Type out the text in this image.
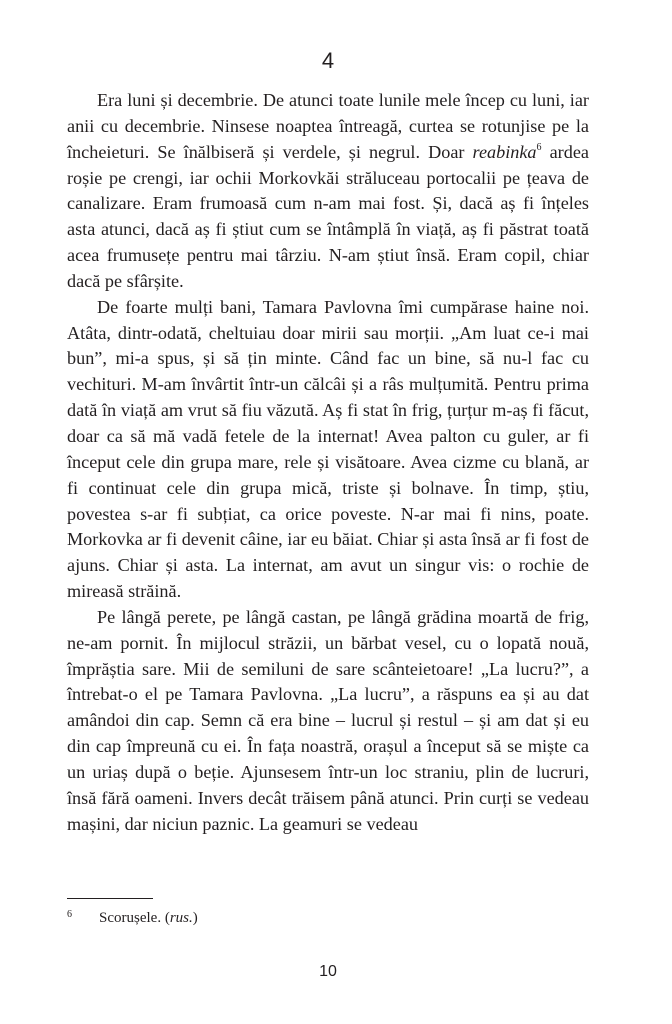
4

Era luni și decembrie. De atunci toate lunile mele încep cu luni, iar anii cu decembrie. Ninsese noaptea întreagă, curtea se rotunjise pe la încheieturi. Se înălbiseră și verdele, și negrul. Doar reabinka$^6$ ardea roșie pe crengi, iar ochii Morkovkăi străluceau portocalii pe țeava de canalizare. Eram frumoasă cum n-am mai fost. Și, dacă aș fi înțeles asta atunci, dacă aș fi știut cum se întâmplă în viață, aș fi păstrat toată acea frumusețe pentru mai târziu. N-am știut însă. Eram copil, chiar dacă pe sfârșite.

De foarte mulți bani, Tamara Pavlovna îmi cumpărase haine noi. Atâta, dintr-odată, cheltuiau doar mirii sau morții. „Am luat ce-i mai bun”, mi-a spus, și să țin minte. Când fac un bine, să nu-l fac cu vechituri. M-am învârtit într-un călcâi și a râs mulțumită. Pentru prima dată în viață am vrut să fiu văzută. Aș fi stat în frig, țurțur m-aș fi făcut, doar ca să mă vadă fetele de la internat! Avea palton cu guler, ar fi început cele din grupa mare, rele și visătoare. Avea cizme cu blană, ar fi continuat cele din grupa mică, triste și bolnave. În timp, știu, povestea s-ar fi subțiat, ca orice poveste. N-ar mai fi nins, poate. Morkovka ar fi devenit câine, iar eu băiat. Chiar și asta însă ar fi fost de ajuns. Chiar și asta. La internat, am avut un singur vis: o rochie de mireasă străină.

Pe lângă perete, pe lângă castan, pe lângă grădina moartă de frig, ne-am pornit. În mijlocul străzii, un bărbat vesel, cu o lopată nouă, împrăștia sare. Mii de semiluni de sare scânteietoare! „La lucru?”, a întrebat-o el pe Tamara Pavlovna. „La lucru”, a răspuns ea și au dat amândoi din cap. Semn că era bine – lucrul și restul – și am dat și eu din cap împreună cu ei. În fața noastră, orașul a început să se miște ca un uriaș după o beție. Ajunsesem într-un loc straniu, plin de lucruri, însă fără oameni. Invers decât trăisem până atunci. Prin curți se vedeau mașini, dar niciun paznic. La geamuri se vedeau

6 Scorușele. (rus.)
10
